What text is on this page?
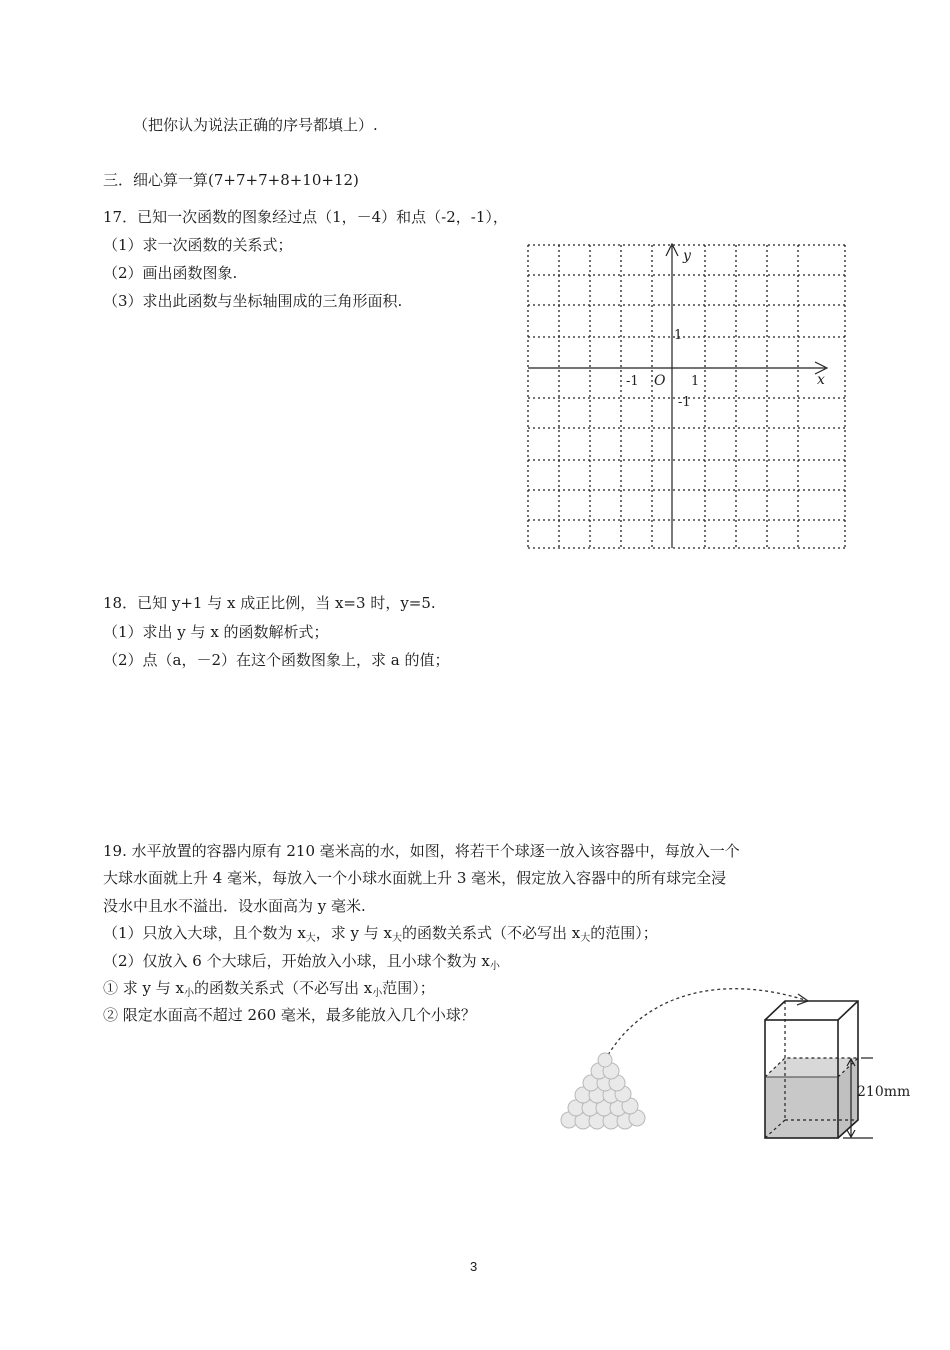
（把你认为说法正确的序号都填上）.
三．细心算一算(7+7+7+8+10+12)
17．已知一次函数的图象经过点（1，－4）和点（-2，-1），
（1）求一次函数的关系式；
（2）画出函数图象.
（3）求出此函数与坐标轴围成的三角形面积.
y
x
O
1
-1	1
-1
18．已知 y+1 与 x 成正比例，当 x=3 时，y=5.
（1）求出 y 与 x 的函数解析式；
（2）点（a，－2）在这个函数图象上，求 a 的值；
19. 水平放置的容器内原有 210 毫米高的水，如图，将若干个球逐一放入该容器中，每放入一个
大球水面就上升 4 毫米，每放入一个小球水面就上升 3 毫米，假定放入容器中的所有球完全浸
没水中且水不溢出．设水面高为 y 毫米.
（1）只放入大球，且个数为 $x_大$，求 y 与 $x_大$的函数关系式（不必写出 $x_大$的范围）；
（2）仅放入 6 个大球后，开始放入小球，且小球个数为 $x_小$
① 求 y 与 $x_小$的函数关系式（不必写出 $x_小$范围）；
② 限定水面高不超过 260 毫米，最多能放入几个小球？
210mm
3
